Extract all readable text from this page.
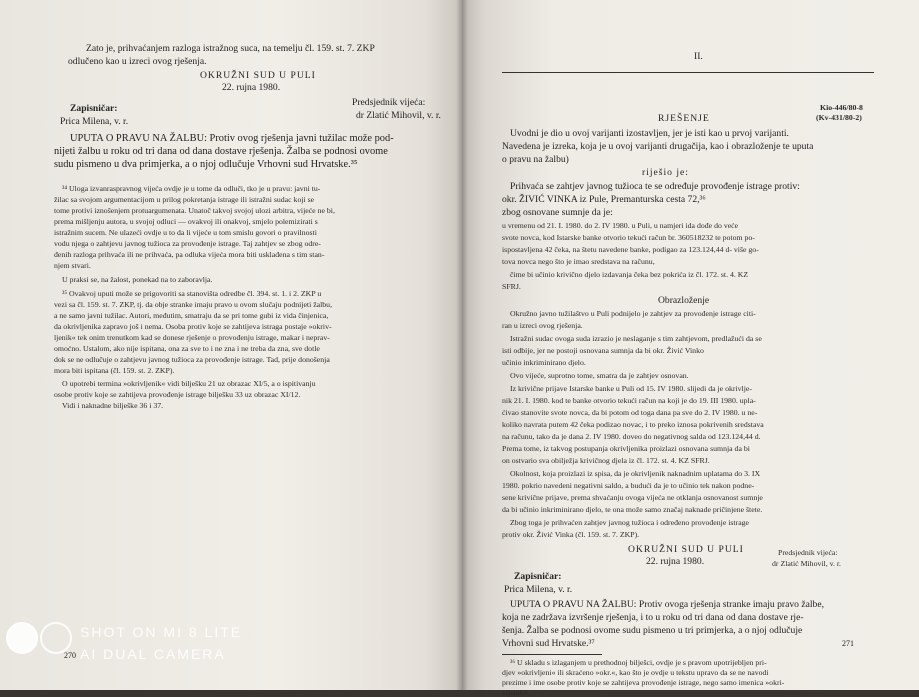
Zato je, prihvaćanjem razloga istražnog suca, na temelju čl. 159. st. 7. ZKP
odlučeno kao u izreci ovog rješenja.
OKRUŽNI SUD U PULI
22. rujna 1980.
Zapisničar:
Prica Milena, v. r.
Predsjednik vijeća:
dr Zlatić Mihovil, v. r.
UPUTA O PRAVU NA ŽALBU: Protiv ovog rješenja javni tužilac može pod-
nijeti žalbu u roku od tri dana od dana dostave rješenja. Žalba se podnosi ovome
sudu pismeno u dva primjerka, a o njoj odlučuje Vrhovni sud Hrvatske.³⁵
³⁴ Uloga izvanraspravnog vijeća ovdje je u tome da odluči, tko je u pravu: javni tu-
žilac sa svojom argumentacijom u prilog pokretanja istrage ili istražni sudac koji se
tome protivi iznošenjem protuargumenata. Unatoč takvoj svojoj ulozi arbitra, vijeće ne bi,
prema mišljenju autora, u svojoj odluci — ovakvoj ili onakvoj, smjelo polemizirati s
istražnim sucem. Ne ulazeći ovdje u to da li vijeće u tom smislu govori o pravilnosti
vodu njega o zahtjevu javnog tužioca za provođenje istrage. Taj zahtjev se zbog odre-
đenih razloga prihvaća ili ne prihvaća, pa odluka vijeća mora biti usklađena s tim stan-
njem stvari.
U praksi se, na žalost, ponekad na to zaboravlja.
³⁵ Ovakvoj uputi može se prigovoriti sa stanovišta odredbe čl. 394. st. 1. i 2. ZKP u
vezi sa čl. 159. st. 7. ZKP, tj. da obje stranke imaju pravo u ovom slučaju podnijeti žalbu,
a ne samo javni tužilac. Autori, međutim, smatraju da se pri tome gubi iz vida činjenica,
da okrivljenika zapravo još i nema. Osoba protiv koje se zahtijeva istraga postaje »okriv-
ljenik« tek onim trenutkom kad se donese rješenje o provođenju istrage, makar i neprav-
omoćno. Ustalom, ako nije ispitana, ona za sve to i ne zna i ne treba da zna, sve dotle
dok se ne odlučuje o zahtjevu javnog tužioca za provođenje istrage. Tad, prije donošenja
mora biti ispitana (čl. 159. st. 2. ZKP).
O upotrebi termina »okrivljenik« vidi bilješku 21 uz obrazac XI/5, a o ispitivanju
osobe protiv koje se zahtijeva provođenje istrage bilješku 33 uz obrazac XI/12.
Vidi i naknadne bilješke 36 i 37.
270
II.
Kio-446/80-8
(Kv-431/80-2)
RJEŠENJE
Uvodni je dio u ovoj varijanti izostavljen, jer je isti kao u prvoj varijanti.
Navedena je izreka, koja je u ovoj varijanti drugačija, kao i obrazloženje te uputa
o pravu na žalbu)
riješio je:
Prihvaća se zahtjev javnog tužioca te se određuje provođenje istrage protiv:
okr. ŽIVIĆ VINKA iz Pule, Premanturska cesta 72,³⁶
zbog osnovane sumnje da je:
u vremenu od 21. I. 1980. do 2. IV 1980. u Puli, u namjeri ida dođe do veće
svote novca, kod Istarske banke otvorio tekući račun br. 360518232 te potom po-
ispostavljena 42 čeka, na štetu navedene banke, podigao za 123.124,44 d- više go-
tova novca nego što je imao sredstava na računu,
čime bi učinio krivično djelo izdavanja čeka bez pokrića iz čl. 172. st. 4. KZ
SFRJ.
Obrazloženje
Okružno javno tužilaštvo u Puli podnijelo je zahtjev za provođenje istrage citi-
ran u izreci ovog rješenja.
Istražni sudac ovoga suda izrazio je neslaganje s tim zahtjevom, predlažući da se
isti odbije, jer ne postoji osnovana sumnja da bi okr. Živić Vinko
učinio inkriminirano djelo.
Ovo vijeće, suprotno tome, smatra da je zahtjev osnovan.
Iz krivične prijave Istarske banke u Puli od 15. IV 1980. slijedi da je okrivlje-
nik 21. I. 1980. kod te banke otvorio tekući račun na koji je do 19. III 1980. upla-
ćivao stanovite svote novca, da bi potom od toga dana pa sve do 2. IV 1980. u ne-
koliko navrata putem 42 čeka podizao novac, i to preko iznosa pokrivenih sredstava
na računu, tako da je dana 2. IV 1980. doveo do negativnog salda od 123.124,44 d.
Prema tome, iz takvog postupanja okrivljenika proizlazi osnovana sumnja da bi
on ostvario sva obilježja krivičnog djela iz čl. 172. st. 4. KZ SFRJ.
Okolnost, koja proizlazi iz spisa, da je okrivljenik naknadnim uplatama do 3. IX
1980. pokrio navedeni negativni saldo, a budući da je to učinio tek nakon podne-
sene krivične prijave, prema shvaćanju ovoga vijeća ne otklanja osnovanost sumnje
da bi učinio inkriminirano djelo, te ona može samo značaj naknade pričinjene štete.
Zbog toga je prihvaćen zahtjev javnog tužioca i određeno provođenje istrage
protiv okr. Živić Vinka (čl. 159. st. 7. ZKP).
OKRUŽNI SUD U PULI
22. rujna 1980.
Predsjednik vijeća:
dr Zlatić Mihovil, v. r.
Zapisničar:
Prica Milena, v. r.
UPUTA O PRAVU NA ŽALBU: Protiv ovoga rješenja stranke imaju pravo žalbe,
koja ne zadržava izvršenje rješenja, i to u roku od tri dana od dana dostave rje-
šenja. Žalba se podnosi ovome sudu pismeno u tri primjerka, a o njoj odlučuje
Vrhovni sud Hrvatske.³⁷
³⁶ U skladu s izlaganjem u prethodnoj bilješci, ovdje je s pravom upotrijebljen pri-
djev »okrivljeni« ili skraćeno »okr.«, kao što je ovdje u tekstu upravo da se ne navodi
prezime i ime osobe protiv koje se zahtijeva provođenje istrage, nego samo imenica »okri-
vljenik«.
271
SHOT ON MI 8 LITE
AI DUAL CAMERA
